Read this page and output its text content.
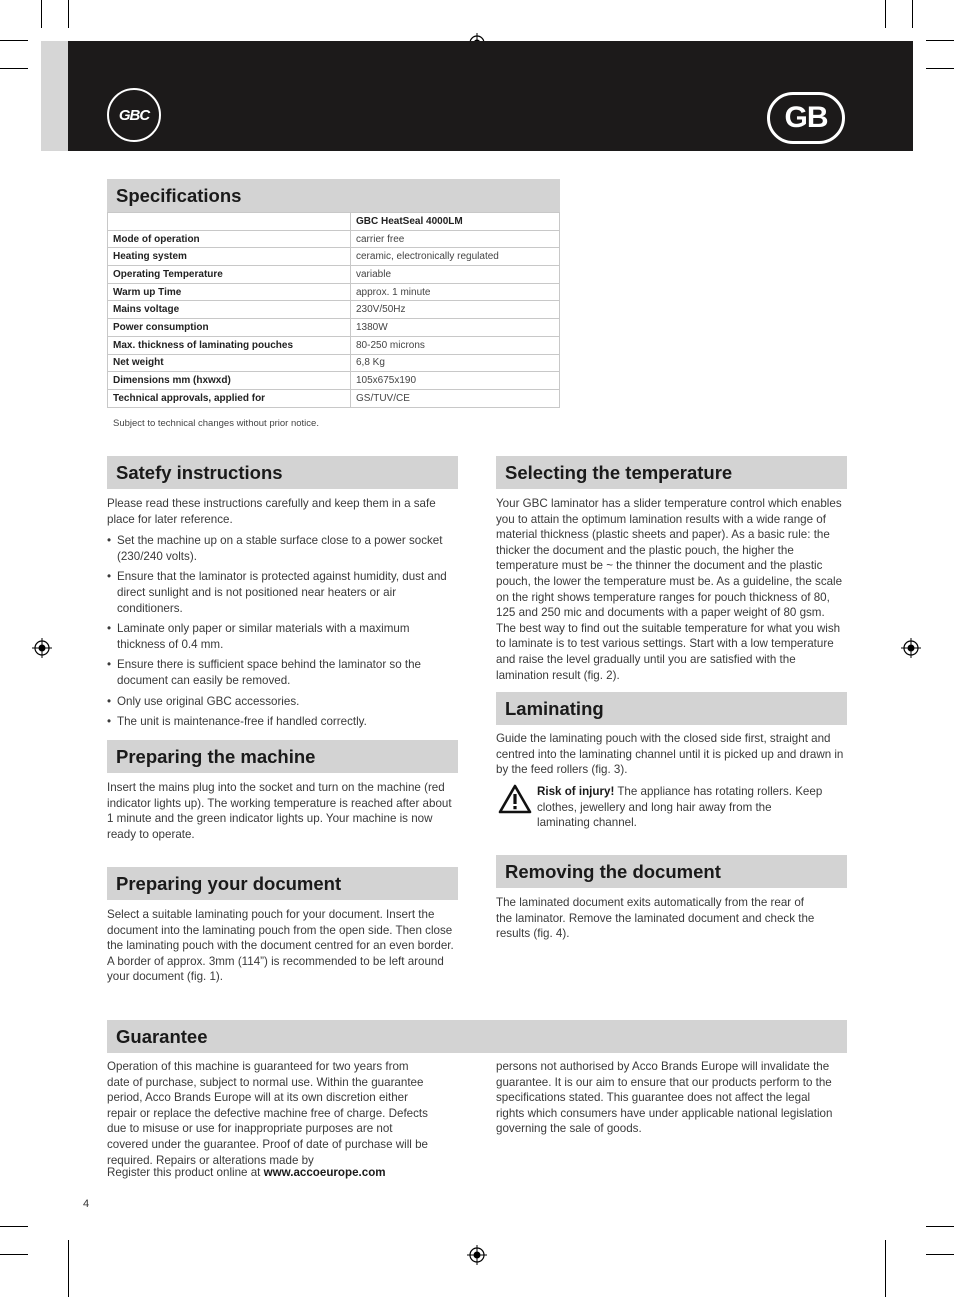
GBC	GB
Specifications
	GBC HeatSeal 4000LM
Mode of operation	carrier free
Heating system	ceramic, electronically regulated
Operating Temperature	variable
Warm up Time	approx. 1 minute
Mains voltage	230V/50Hz
Power consumption	1380W
Max. thickness of laminating pouches	80-250 microns
Net weight	6,8 Kg
Dimensions mm (hxwxd)	105x675x190
Technical approvals, applied for	GS/TUV/CE
Subject to technical changes without prior notice.
Satefy instructions

Please read these instructions carefully and keep them in a safe place for later reference.

• Set the machine up on a stable surface close to a power socket (230/240 volts).
• Ensure that the laminator is protected against humidity, dust and direct sunlight and is not positioned near heaters or air conditioners.
• Laminate only paper or similar materials with a maximum thickness of 0.4 mm.
• Ensure there is sufficient space behind the laminator so the document can easily be removed.
• Only use original GBC accessories.
• The unit is maintenance-free if handled correctly.
Preparing the machine
Insert the mains plug into the socket and turn on the machine (red indicator lights up). The working temperature is reached after about 1 minute and the green indicator lights up. Your machine is now ready to operate.
Preparing your document
Select a suitable laminating pouch for your document. Insert the document into the laminating pouch from the open side. Then close the laminating pouch with the document centred for an even border. A border of approx. 3mm (114”) is recommended to be left around your document (fig. 1).
Selecting the temperature
Your GBC laminator has a slider temperature control which enables you to attain the optimum lamination results with a wide range of material thickness (plastic sheets and paper). As a basic rule: the thicker the document and the plastic pouch, the higher the temperature must be ~ the thinner the document and the plastic pouch, the lower the temperature must be. As a guideline, the scale on the right shows temperature ranges for pouch thickness of 80, 125 and 250 mic and documents with a paper weight of 80 gsm. The best way to find out the suitable temperature for what you wish to laminate is to test various settings. Start with a low temperature and raise the level gradually until you are satisfied with the lamination result (fig. 2).
Laminating
Guide the laminating pouch with the closed side first, straight and centred into the laminating channel until it is picked up and drawn in by the feed rollers (fig. 3).
Risk of injury! The appliance has rotating rollers. Keep clothes, jewellery and long hair away from the laminating channel.
Removing the document
The laminated document exits automatically from the rear of the laminator. Remove the laminated document and check the results (fig. 4).
Guarantee
Operation of this machine is guaranteed for two years from date of purchase, subject to normal use. Within the guarantee period, Acco Brands Europe will at its own discretion either repair or replace the defective machine free of charge. Defects due to misuse or use for inappropriate purposes are not covered under the guarantee. Proof of date of purchase will be required. Repairs or alterations made by
persons not authorised by Acco Brands Europe will invalidate the guarantee. It is our aim to ensure that our products perform to the specifications stated. This guarantee does not affect the legal rights which consumers have under applicable national legislation governing the sale of goods.
Register this product online at www.accoeurope.com
4
